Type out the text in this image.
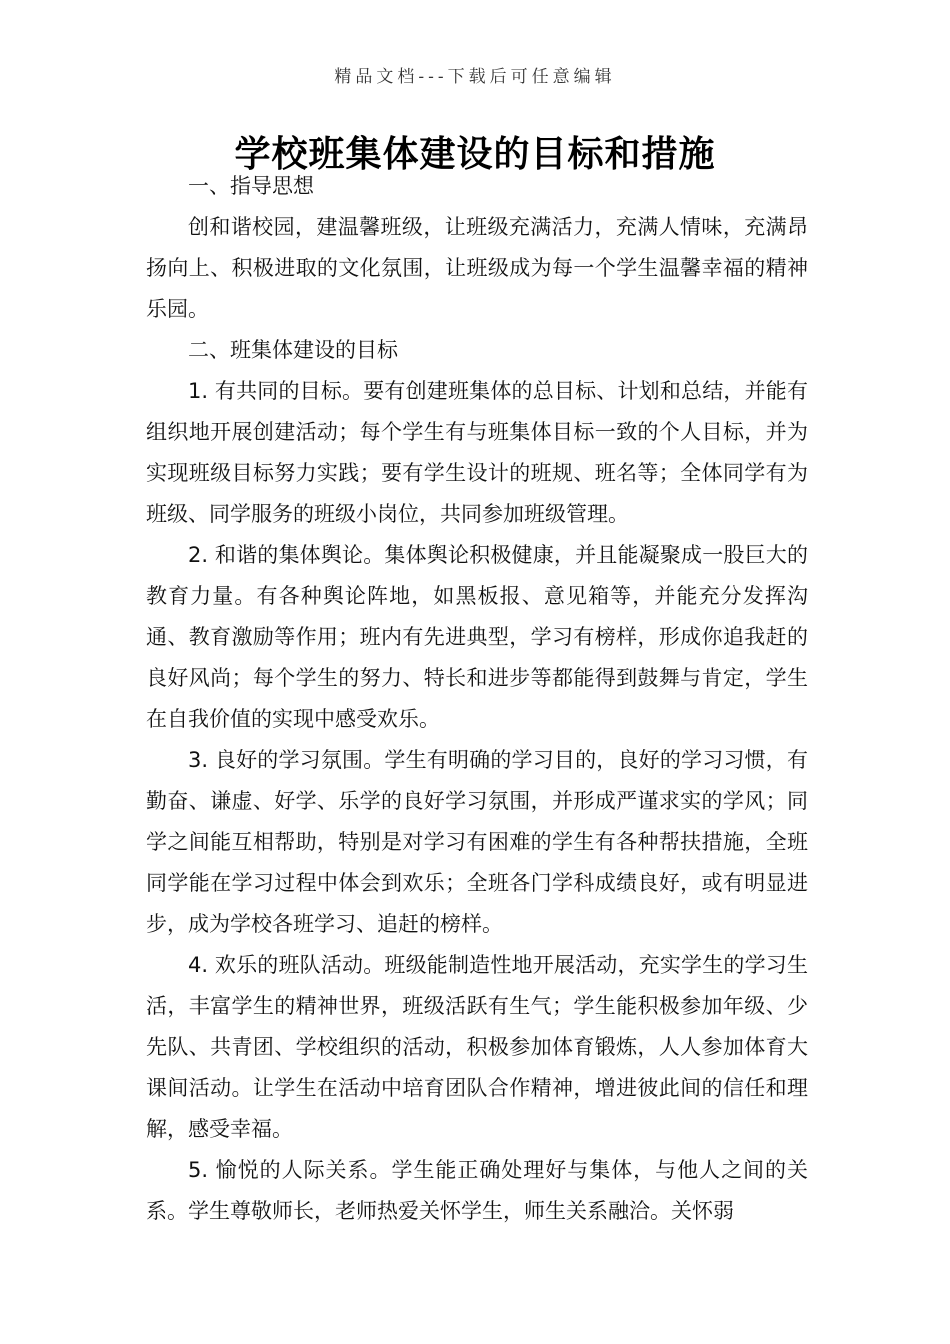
精品文档---下载后可任意编辑
学校班集体建设的目标和措施

一、指导思想

创和谐校园，建温馨班级，让班级充满活力，充满人情味，充满昂扬向上、积极进取的文化氛围，让班级成为每一个学生温馨幸福的精神乐园。

二、班集体建设的目标

1. 有共同的目标。要有创建班集体的总目标、计划和总结，并能有组织地开展创建活动；每个学生有与班集体目标一致的个人目标，并为实现班级目标努力实践；要有学生设计的班规、班名等；全体同学有为班级、同学服务的班级小岗位，共同参加班级管理。

2. 和谐的集体舆论。集体舆论积极健康，并且能凝聚成一股巨大的教育力量。有各种舆论阵地，如黑板报、意见箱等，并能充分发挥沟通、教育激励等作用；班内有先进典型，学习有榜样，形成你追我赶的良好风尚；每个学生的努力、特长和进步等都能得到鼓舞与肯定，学生在自我价值的实现中感受欢乐。

3. 良好的学习氛围。学生有明确的学习目的，良好的学习习惯，有勤奋、谦虚、好学、乐学的良好学习氛围，并形成严谨求实的学风；同学之间能互相帮助，特别是对学习有困难的学生有各种帮扶措施，全班同学能在学习过程中体会到欢乐；全班各门学科成绩良好，或有明显进步，成为学校各班学习、追赶的榜样。

4. 欢乐的班队活动。班级能制造性地开展活动，充实学生的学习生活，丰富学生的精神世界，班级活跃有生气；学生能积极参加年级、少先队、共青团、学校组织的活动，积极参加体育锻炼，人人参加体育大课间活动。让学生在活动中培育团队合作精神，增进彼此间的信任和理解，感受幸福。

5. 愉悦的人际关系。学生能正确处理好与集体，与他人之间的关系。学生尊敬师长，老师热爱关怀学生，师生关系融洽。关怀弱
